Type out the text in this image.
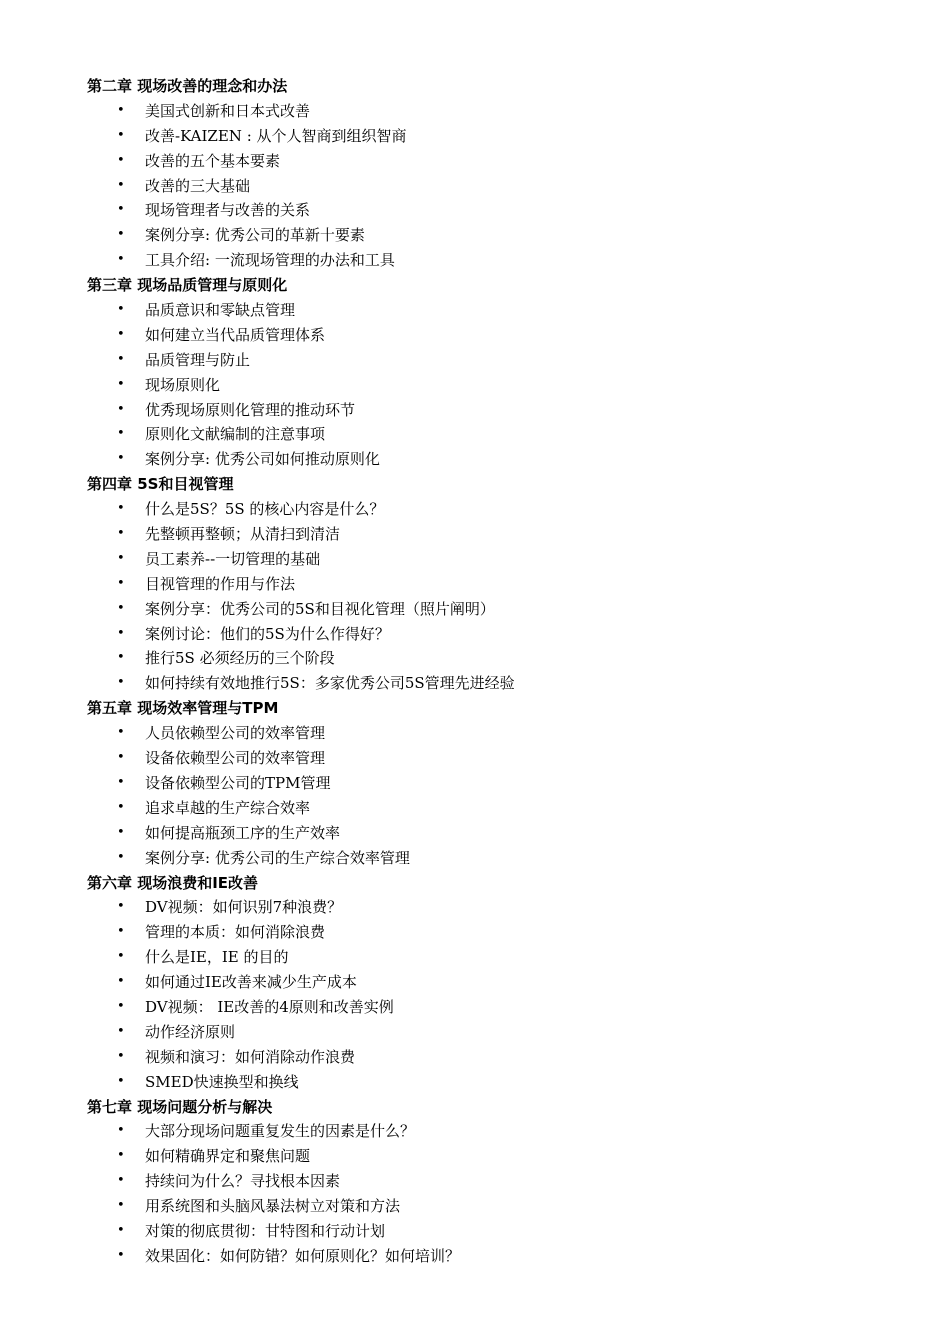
第二章 现场改善的理念和办法
• 美国式创新和日本式改善
• 改善-KAIZEN : 从个人智商到组织智商
• 改善的五个基本要素
• 改善的三大基础
• 现场管理者与改善的关系
• 案例分享: 优秀公司的革新十要素
• 工具介绍: 一流现场管理的办法和工具
第三章 现场品质管理与原则化
• 品质意识和零缺点管理
• 如何建立当代品质管理体系
• 品质管理与防止
• 现场原则化
• 优秀现场原则化管理的推动环节
• 原则化文献编制的注意事项
• 案例分享: 优秀公司如何推动原则化
第四章 5S和目视管理
• 什么是5S？5S 的核心内容是什么？
• 先整顿再整顿；从清扫到清洁
• 员工素养--一切管理的基础
• 目视管理的作用与作法
• 案例分享：优秀公司的5S和目视化管理（照片阐明）
• 案例讨论：他们的5S为什么作得好？
• 推行5S 必须经历的三个阶段
• 如何持续有效地推行5S：多家优秀公司5S管理先进经验
第五章 现场效率管理与TPM
• 人员依赖型公司的效率管理
• 设备依赖型公司的效率管理
• 设备依赖型公司的TPM管理
• 追求卓越的生产综合效率
• 如何提高瓶颈工序的生产效率
• 案例分享: 优秀公司的生产综合效率管理
第六章 现场浪费和IE改善
• DV视频：如何识别7种浪费？
• 管理的本质：如何消除浪费
• 什么是IE，IE 的目的
• 如何通过IE改善来减少生产成本
• DV视频： IE改善的4原则和改善实例
• 动作经济原则
• 视频和演习：如何消除动作浪费
• SMED快速换型和换线
第七章 现场问题分析与解决
• 大部分现场问题重复发生的因素是什么？
• 如何精确界定和聚焦问题
• 持续问为什么？寻找根本因素
• 用系统图和头脑风暴法树立对策和方法
• 对策的彻底贯彻：甘特图和行动计划
• 效果固化：如何防错？如何原则化？如何培训？
